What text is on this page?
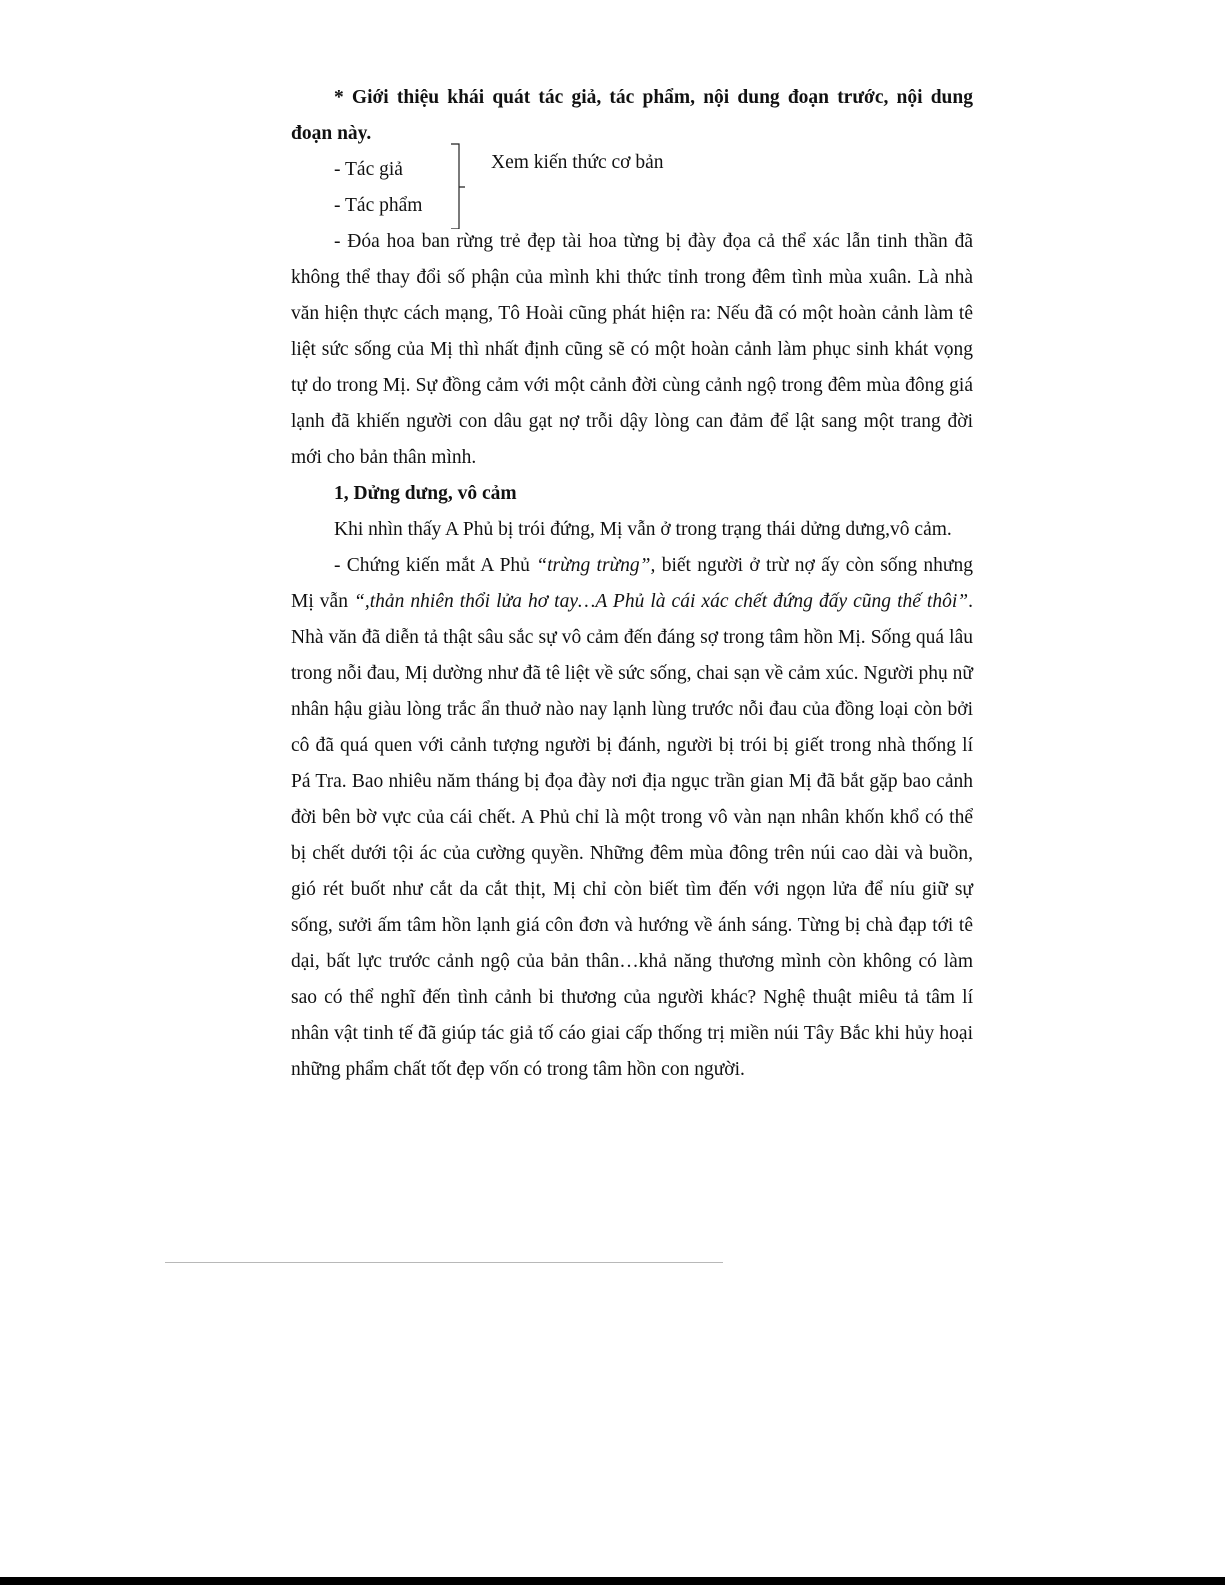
* Giới thiệu khái quát tác giả, tác phẩm, nội dung đoạn trước, nội dung đoạn này.

- Tác giả
- Tác phẩm

- Đóa hoa ban rừng trẻ đẹp tài hoa từng bị đày đọa cả thể xác lẫn tinh thần đã không thể thay đổi số phận của mình khi thức tỉnh trong đêm tình mùa xuân. Là nhà văn hiện thực cách mạng, Tô Hoài cũng phát hiện ra: Nếu đã có một hoàn cảnh làm tê liệt sức sống của Mị thì nhất định cũng sẽ có một hoàn cảnh làm phục sinh khát vọng tự do trong Mị. Sự đồng cảm với một cảnh đời cùng cảnh ngộ trong đêm mùa đông giá lạnh đã khiến người con dâu gạt nợ trỗi dậy lòng can đảm để lật sang một trang đời mới cho bản thân mình.

1, Dửng dưng, vô cảm

Khi nhìn thấy A Phủ bị trói đứng, Mị vẫn ở trong trạng thái dửng dưng,vô cảm.

- Chứng kiến mắt A Phủ “trừng trừng”, biết người ở trừ nợ ấy còn sống nhưng Mị vẫn “,thản nhiên thổi lửa hơ tay…A Phủ là cái xác chết đứng đấy cũng thế thôi”. Nhà văn đã diễn tả thật sâu sắc sự vô cảm đến đáng sợ trong tâm hồn Mị. Sống quá lâu trong nỗi đau, Mị dường như đã tê liệt về sức sống, chai sạn về cảm xúc. Người phụ nữ nhân hậu giàu lòng trắc ẩn thuở nào nay lạnh lùng trước nỗi đau của đồng loại còn bởi cô đã quá quen với cảnh tượng người bị đánh, người bị trói bị giết trong nhà thống lí Pá Tra. Bao nhiêu năm tháng bị đọa đày nơi địa ngục trần gian Mị đã bắt gặp bao cảnh đời bên bờ vực của cái chết. A Phủ chỉ là một trong vô vàn nạn nhân khốn khổ có thể bị chết dưới tội ác của cường quyền. Những đêm mùa đông trên núi cao dài và buồn, gió rét buốt như cắt da cắt thịt, Mị chỉ còn biết tìm đến với ngọn lửa để níu giữ sự sống, sưởi ấm tâm hồn lạnh giá côn đơn và hướng về ánh sáng. Từng bị chà đạp tới tê dại, bất lực trước cảnh ngộ của bản thân…khả năng thương mình còn không có làm sao có thể nghĩ đến tình cảnh bi thương của người khác? Nghệ thuật miêu tả tâm lí nhân vật tinh tế đã giúp tác giả tố cáo giai cấp thống trị miền núi Tây Bắc khi hủy hoại những phẩm chất tốt đẹp vốn có trong tâm hồn con người.

Xem kiến thức cơ bản
